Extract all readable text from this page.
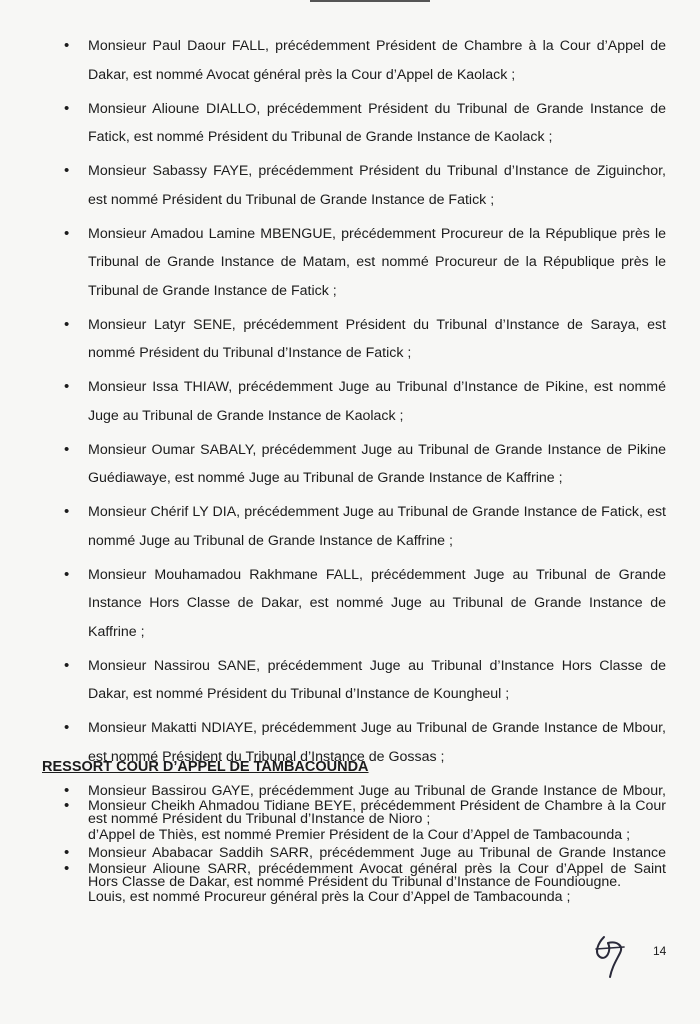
• Monsieur Paul Daour FALL, précédemment Président de Chambre à la Cour d’Appel de Dakar, est nommé Avocat général près la Cour d’Appel de Kaolack ;
• Monsieur Alioune DIALLO, précédemment Président du Tribunal de Grande Instance de Fatick, est nommé Président du Tribunal de Grande Instance de Kaolack ;
• Monsieur Sabassy FAYE, précédemment Président du Tribunal d’Instance de Ziguinchor, est nommé Président du Tribunal de Grande Instance de Fatick ;
• Monsieur Amadou Lamine MBENGUE, précédemment Procureur de la République près le Tribunal de Grande Instance de Matam, est nommé Procureur de la République près le Tribunal de Grande Instance de Fatick ;
• Monsieur Latyr SENE, précédemment Président du Tribunal d’Instance de Saraya, est nommé Président du Tribunal d’Instance de Fatick ;
• Monsieur Issa THIAW, précédemment Juge au Tribunal d’Instance de Pikine, est nommé Juge au Tribunal de Grande Instance de Kaolack ;
• Monsieur Oumar SABALY, précédemment Juge au Tribunal de Grande Instance de Pikine Guédiawaye, est nommé Juge au Tribunal de Grande Instance de Kaffrine ;
• Monsieur Chérif LY DIA, précédemment Juge au Tribunal de Grande Instance de Fatick, est nommé Juge au Tribunal de Grande Instance de Kaffrine ;
• Monsieur Mouhamadou Rakhmane FALL, précédemment Juge au Tribunal de Grande Instance Hors Classe de Dakar, est nommé Juge au Tribunal de Grande Instance de Kaffrine ;
• Monsieur Nassirou SANE, précédemment Juge au Tribunal d’Instance Hors Classe de Dakar, est nommé Président du Tribunal d’Instance de Koungheul ;
• Monsieur Makatti NDIAYE, précédemment Juge au Tribunal de Grande Instance de Mbour, est nommé Président du Tribunal d’Instance de Gossas ;
• Monsieur Bassirou GAYE, précédemment Juge au Tribunal de Grande Instance de Mbour, est nommé Président du Tribunal d’Instance de Nioro ;
• Monsieur Ababacar Saddih SARR, précédemment Juge au Tribunal de Grande Instance Hors Classe de Dakar, est nommé Président du Tribunal d’Instance de Foundiougne.
RESSORT COUR D’APPEL DE TAMBACOUNDA
• Monsieur Cheikh Ahmadou Tidiane BEYE, précédemment Président de Chambre à la Cour d’Appel de Thiès, est nommé Premier Président de la Cour d’Appel de Tambacounda ;
• Monsieur Alioune SARR, précédemment Avocat général près la Cour d’Appel de Saint Louis, est nommé Procureur général près la Cour d’Appel de Tambacounda ;
14
